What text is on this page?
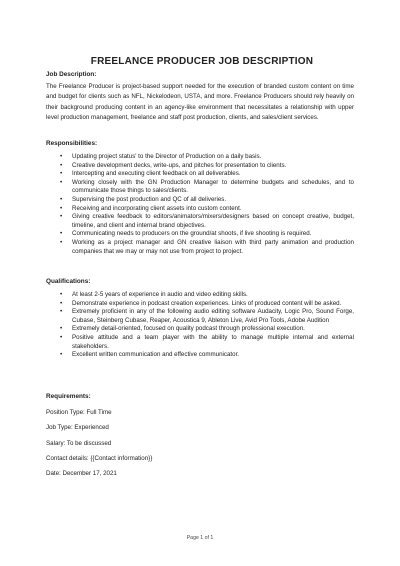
FREELANCE PRODUCER JOB DESCRIPTION
Job Description:

The Freelance Producer is project-based support needed for the execution of branded custom content on time and budget for clients such as NFL, Nickelodeon, USTA, and more. Freelance Producers should rely heavily on their background producing content in an agency-like environment that necessitates a relationship with upper level production management, freelance and staff post production, clients, and sales/client services.

Responsibilities:
• Updating project status' to the Director of Production on a daily basis.
• Creative development decks, write-ups, and pitches for presentation to clients.
• Intercepting and executing client feedback on all deliverables.
• Working closely with the GN Production Manager to determine budgets and schedules, and to communicate those things to sales/clients.
• Supervising the post production and QC of all deliveries.
• Receiving and incorporating client assets into custom content.
• Giving creative feedback to editors/animators/mixers/designers based on concept creative, budget, timeline, and client and internal brand objectives.
• Communicating needs to producers on the ground/at shoots, if live shooting is required.
• Working as a project manager and GN creative liaison with third party animation and production companies that we may or may not use from project to project.
Qualifications:
• At least 2-5 years of experience in audio and video editing skills.
• Demonstrate experience in podcast creation experiences. Links of produced content will be asked.
• Extremely proficient in any of the following audio editing software Audacity, Logic Pro, Sound Forge, Cubase, Steinberg Cubase, Reaper, Acoustica 9, Ableton Live, Avid Pro Tools, Adobe Audition
• Extremely detail-oriented, focused on quality podcast through professional execution.
• Positive attitude and a team player with the ability to manage multiple internal and external stakeholders.
• Excellent written communication and effective communicator.
Requirements:

Position Type: Full Time

Job Type: Experienced

Salary: To be discussed

Contact details: {{Contact information}}

Date: December 17, 2021

Page 1 of 1
